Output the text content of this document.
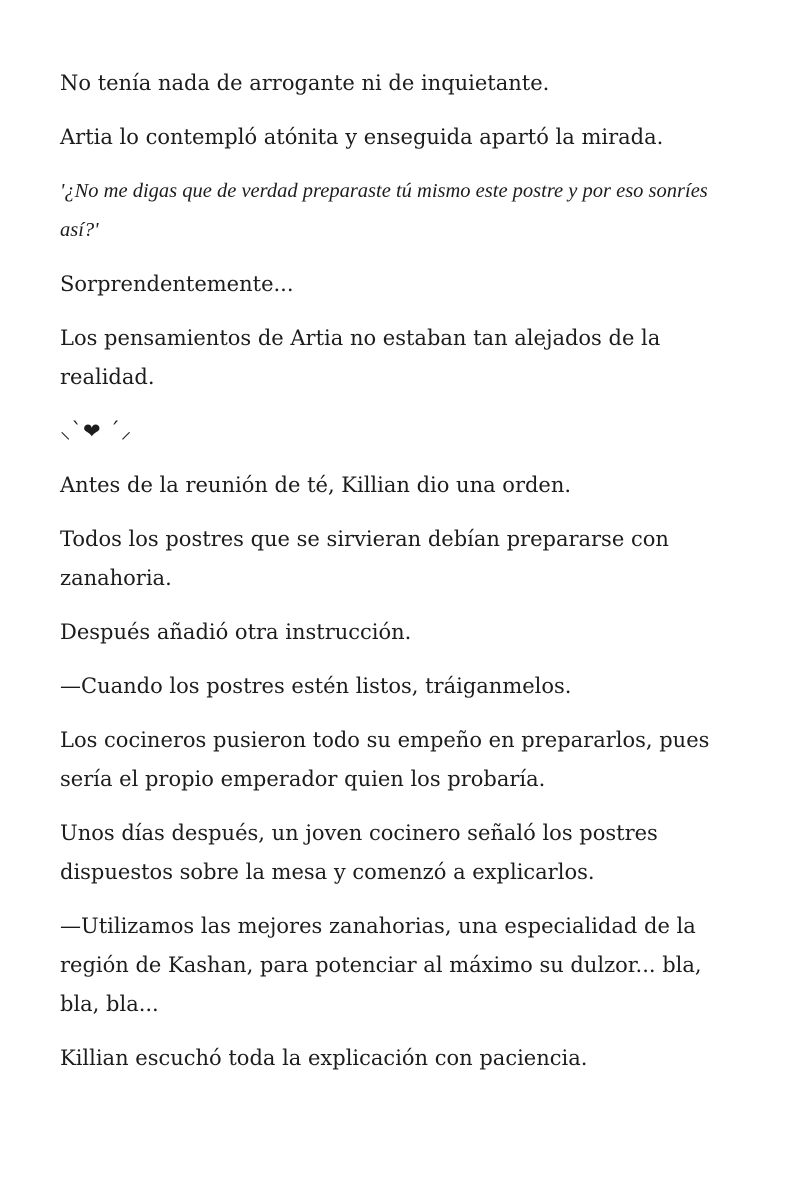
No tenía nada de arrogante ni de inquietante.

Artia lo contempló atónita y enseguida apartó la mirada.

'¿No me digas que de verdad preparaste tú mismo este postre y por eso sonríes así?'

Sorprendentemente...

Los pensamientos de Artia no estaban tan alejados de la realidad.

⸜`❤︎ ´⸝

Antes de la reunión de té, Killian dio una orden.

Todos los postres que se sirvieran debían prepararse con zanahoria.

Después añadió otra instrucción.

—Cuando los postres estén listos, tráiganmelos.

Los cocineros pusieron todo su empeño en prepararlos, pues sería el propio emperador quien los probaría.

Unos días después, un joven cocinero señaló los postres dispuestos sobre la mesa y comenzó a explicarlos.

—Utilizamos las mejores zanahorias, una especialidad de la región de Kashan, para potenciar al máximo su dulzor... bla, bla, bla...

Killian escuchó toda la explicación con paciencia.
